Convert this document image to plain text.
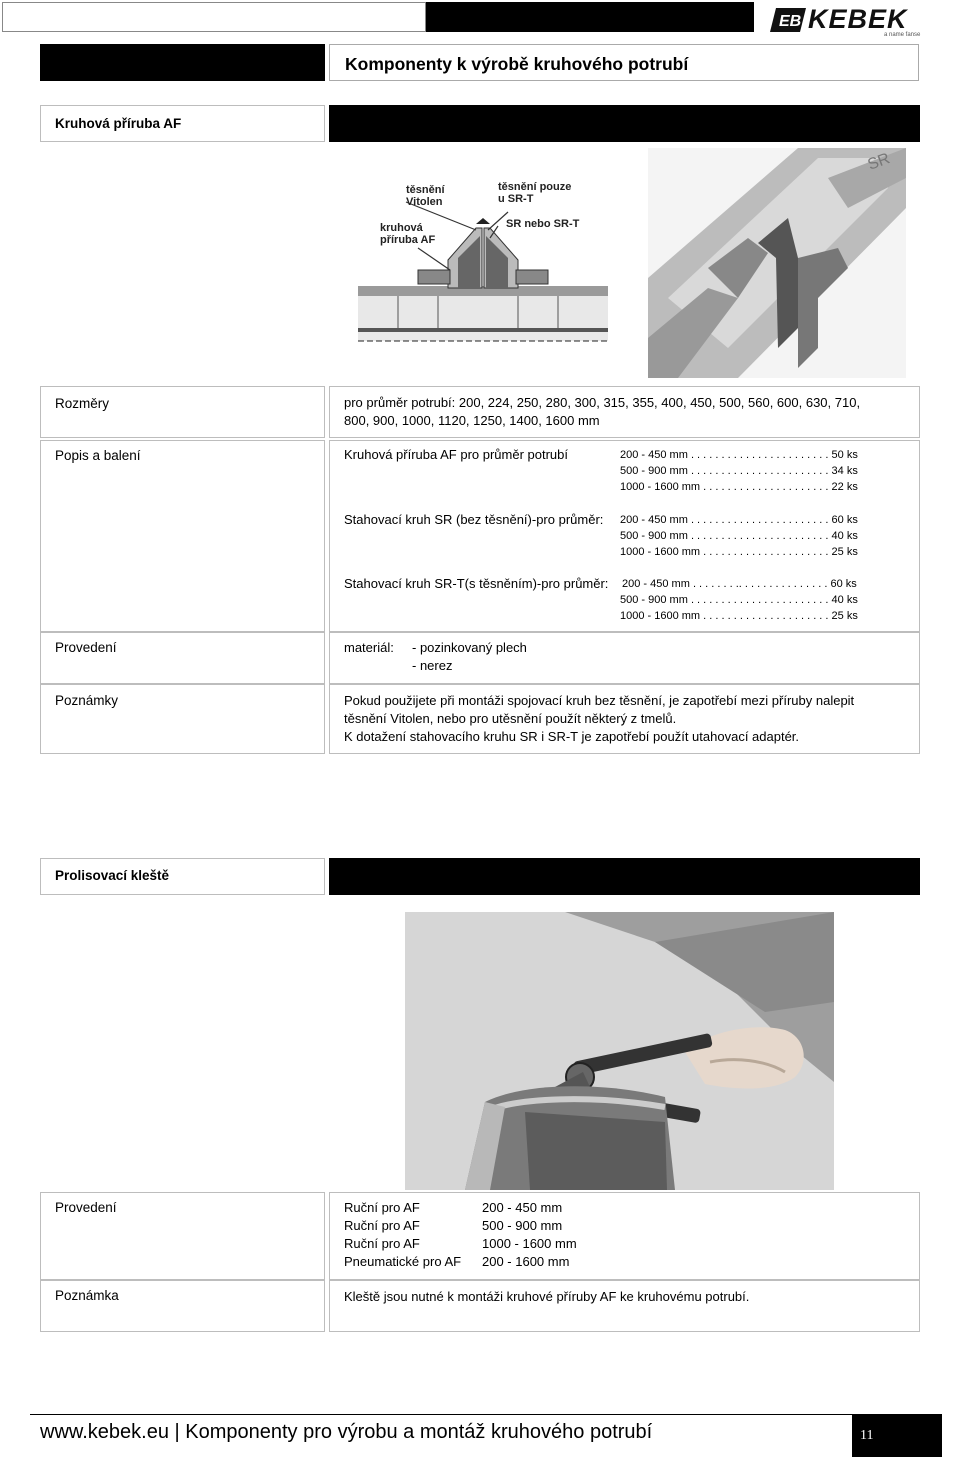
EB KEBEK
a name fanse
Komponenty k výrobě kruhového potrubí
Kruhová příruba AF
těsnění Vitolen
těsnění pouze u SR-T
kruhová příruba AF
SR nebo SR-T
SR
Rozměry	pro průměr potrubí: 200, 224, 250, 280, 300, 315, 355, 400, 450, 500, 560, 600, 630, 710,
800, 900, 1000, 1120, 1250, 1400, 1600 mm
Popis a balení	Kruhová příruba AF pro průměr potrubí	200 - 450 mm . . . . . . . . . . . . . . . . . . . . . . . 50 ks
500 - 900 mm . . . . . . . . . . . . . . . . . . . . . . . 34 ks
1000 - 1600 mm . . . . . . . . . . . . . . . . . . . . . 22 ks
Stahovací kruh SR (bez těsnění)-pro průměr: 200 - 450 mm . . . . . . . . . . . . . . . . . . . . . . . 60 ks
500 - 900 mm . . . . . . . . . . . . . . . . . . . . . . . 40 ks
1000 - 1600 mm . . . . . . . . . . . . . . . . . . . . . 25 ks
Stahovací kruh SR-T(s těsněním)-pro průměr: 200 - 450 mm . . . . . . . .. . . . . . . . . . . . . . . 60 ks
500 - 900 mm . . . . . . . . . . . . . . . . . . . . . . . 40 ks
1000 - 1600 mm . . . . . . . . . . . . . . . . . . . . . 25 ks
Provedení	materiál: - pozinkovaný plech
- nerez
Poznámky	Pokud použijete při montáži spojovací kruh bez těsnění, je zapotřebí mezi příruby nalepit
těsnění Vitolen, nebo pro utěsnění použít některý z tmelů.
K dotažení stahovacího kruhu SR i SR-T je zapotřebí použít utahovací adaptér.
Prolisovací kleště
Provedení	Ruční pro AF	200 - 450 mm
Ruční pro AF	500 - 900 mm
Ruční pro AF	1000 - 1600 mm
Pneumatické pro AF 200 - 1600 mm
Poznámka	Kleště jsou nutné k montáži kruhové příruby AF ke kruhovému potrubí.
www.kebek.eu | Komponenty pro výrobu a montáž kruhového potrubí	11
